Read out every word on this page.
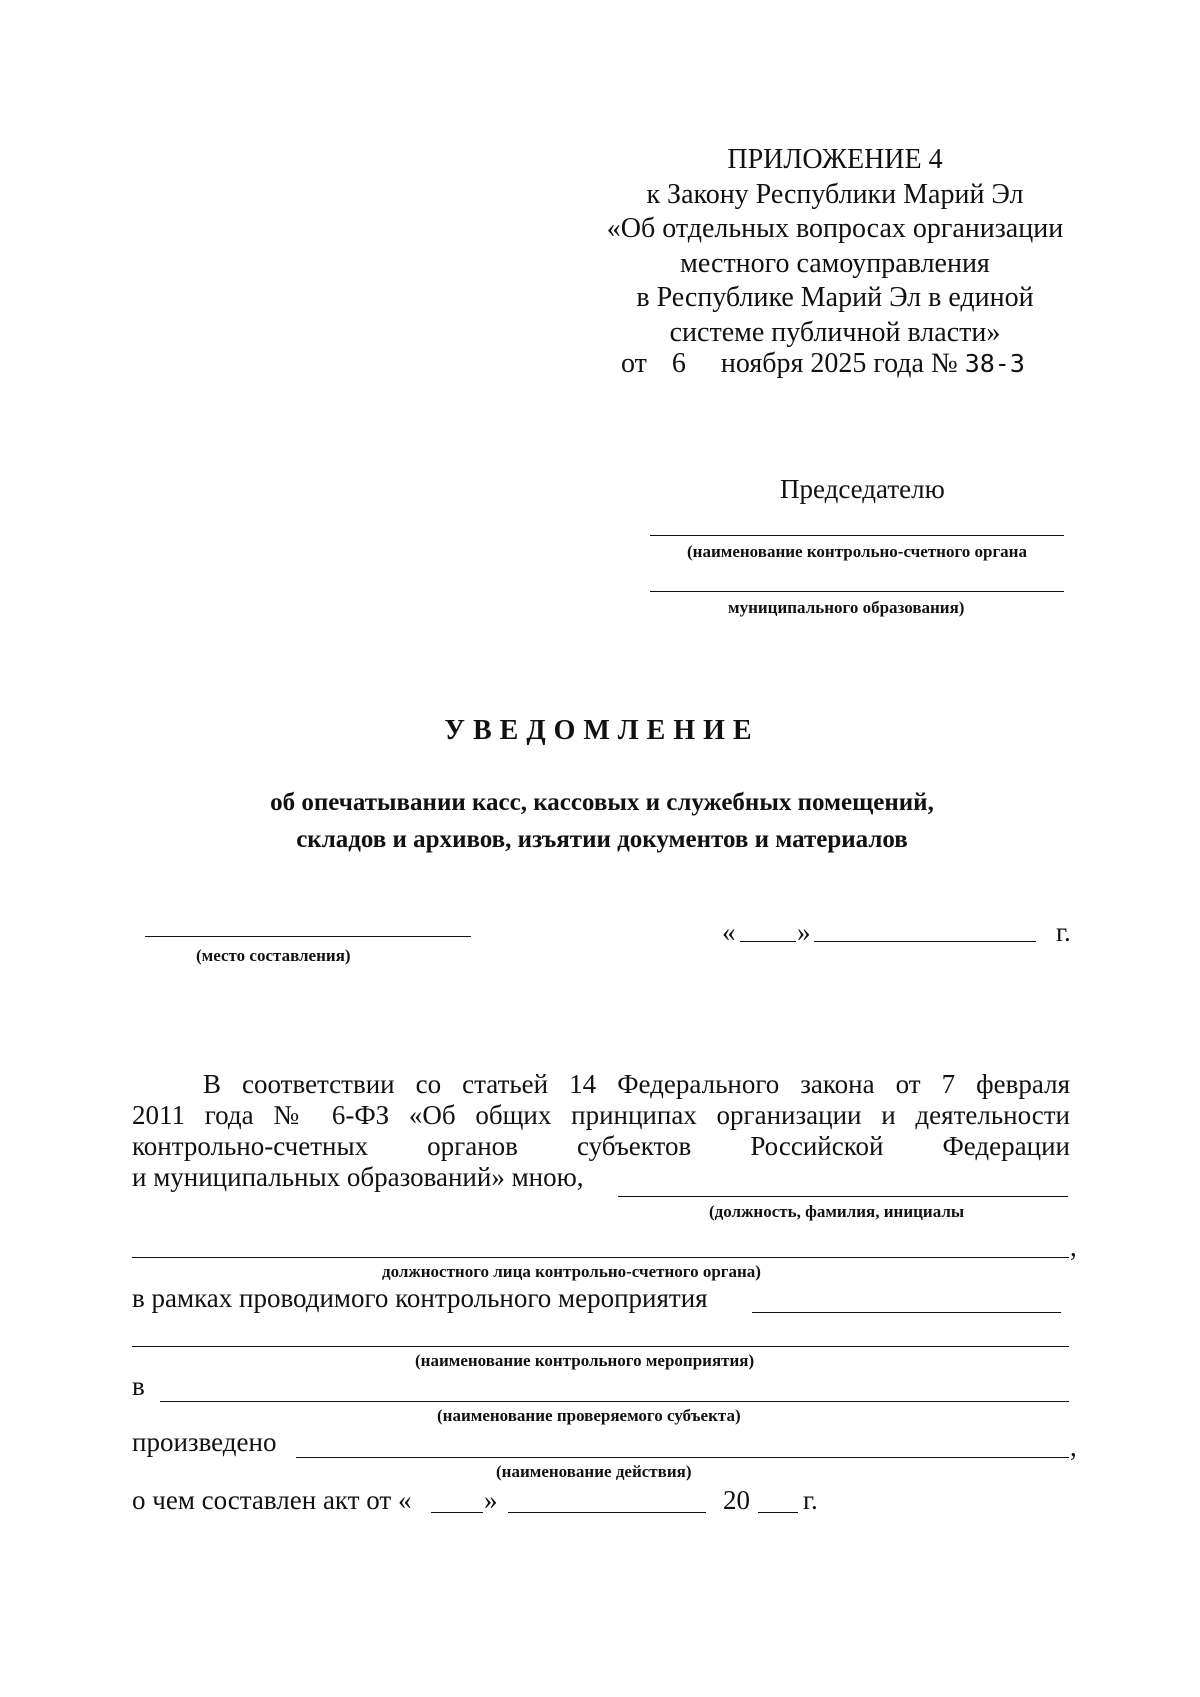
ПРИЛОЖЕНИЕ 4
к Закону Республики Марий Эл
«Об отдельных вопросах организации
местного самоуправления
в Республике Марий Эл в единой
системе публичной власти»
от 6 ноября 2025 года № 38-З
Председателю
(наименование контрольно-счетного органа
муниципального образования)
УВЕДОМЛЕНИЕ
об опечатывании касс, кассовых и служебных помещений,
складов и архивов, изъятии документов и материалов
(место составления)
« »	г.
В соответствии со статьей 14 Федерального закона от 7 февраля
2011 года № 6-ФЗ «Об общих принципах организации и деятельности
контрольно-счетных органов субъектов Российской Федерации
и муниципальных образований» мною,
(должность, фамилия, инициалы
,
должностного лица контрольно-счетного органа)
в рамках проводимого контрольного мероприятия
(наименование контрольного мероприятия)
в
(наименование проверяемого субъекта)
произведено	,
(наименование действия)
о чем составлен акт от «	»	20 г.
